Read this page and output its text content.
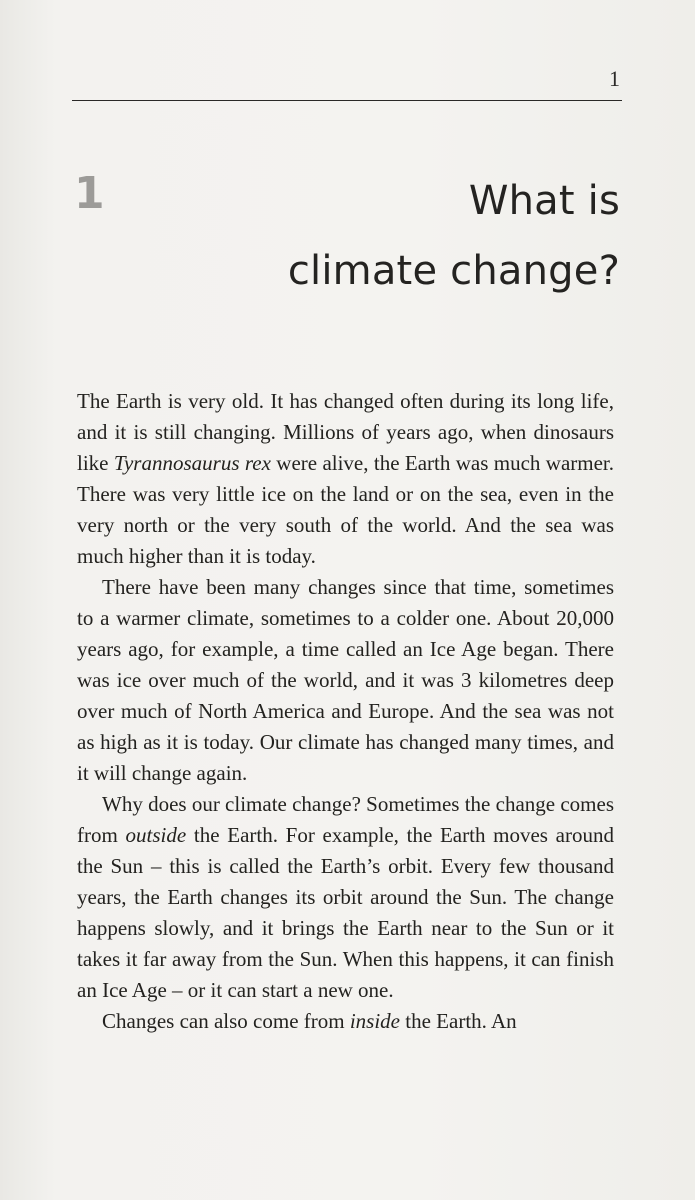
1
1	What is
climate change?

The Earth is very old. It has changed often during its long life, and it is still changing. Millions of years ago, when dinosaurs like Tyrannosaurus rex were alive, the Earth was much warmer. There was very little ice on the land or on the sea, even in the very north or the very south of the world. And the sea was much higher than it is today.

There have been many changes since that time, sometimes to a warmer climate, sometimes to a colder one. About 20,000 years ago, for example, a time called an Ice Age began. There was ice over much of the world, and it was 3 kilometres deep over much of North America and Europe. And the sea was not as high as it is today. Our climate has changed many times, and it will change again.

Why does our climate change? Sometimes the change comes from outside the Earth. For example, the Earth moves around the Sun – this is called the Earth’s orbit. Every few thousand years, the Earth changes its orbit around the Sun. The change happens slowly, and it brings the Earth near to the Sun or it takes it far away from the Sun. When this happens, it can finish an Ice Age – or it can start a new one.

Changes can also come from inside the Earth. An
